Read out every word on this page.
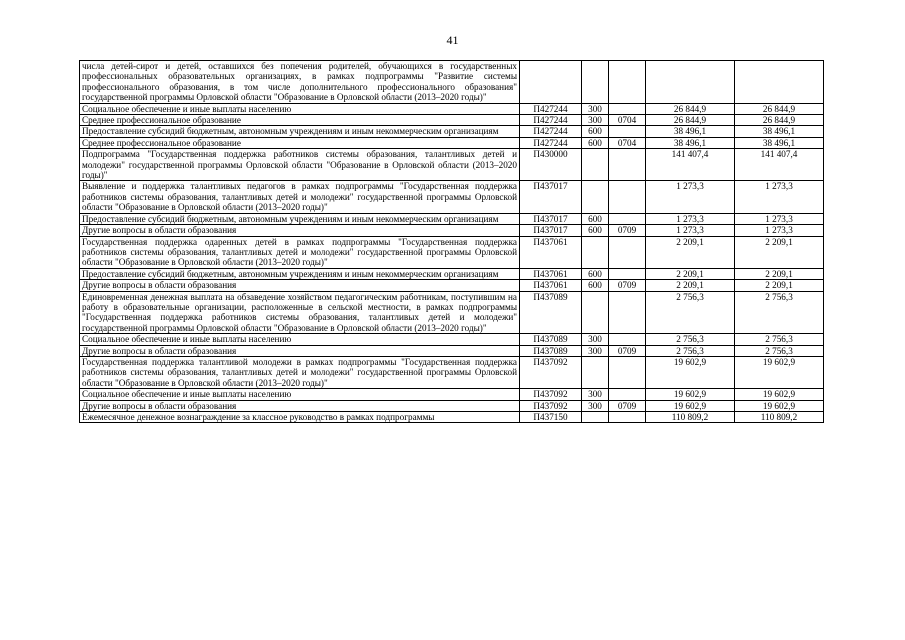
41
числа детей-сирот и детей, оставшихся без попечения родителей, обучающихся в государственных профессиональных образовательных организациях, в рамках подпрограммы "Развитие системы профессионального образования, в том числе дополнительного профессионального образования" государственной программы Орловской области "Образование в Орловской области (2013–2020 годы)"					
Социальное обеспечение и иные выплаты населению	П427244	300		26 844,9	26 844,9
Среднее профессиональное образование	П427244	300	0704	26 844,9	26 844,9
Предоставление субсидий бюджетным, автономным учреждениям и иным некоммерческим организациям	П427244	600		38 496,1	38 496,1
Среднее профессиональное образование	П427244	600	0704	38 496,1	38 496,1
Подпрограмма "Государственная поддержка работников системы образования, талантливых детей и молодежи" государственной программы Орловской области "Образование в Орловской области (2013–2020 годы)"	П430000			141 407,4	141 407,4
Выявление и поддержка талантливых педагогов в рамках подпрограммы "Государственная поддержка работников системы образования, талантливых детей и молодежи" государственной программы Орловской области "Образование в Орловской области (2013–2020 годы)"	П437017			1 273,3	1 273,3
Предоставление субсидий бюджетным, автономным учреждениям и иным некоммерческим организациям	П437017	600		1 273,3	1 273,3
Другие вопросы в области образования	П437017	600	0709	1 273,3	1 273,3
Государственная поддержка одаренных детей в рамках подпрограммы "Государственная поддержка работников системы образования, талантливых детей и молодежи" государственной программы Орловской области "Образование в Орловской области (2013–2020 годы)"	П437061			2 209,1	2 209,1
Предоставление субсидий бюджетным, автономным учреждениям и иным некоммерческим организациям	П437061	600		2 209,1	2 209,1
Другие вопросы в области образования	П437061	600	0709	2 209,1	2 209,1
Единовременная денежная выплата на обзаведение хозяйством педагогическим работникам, поступившим на работу в образовательные организации, расположенные в сельской местности, в рамках подпрограммы "Государственная поддержка работников системы образования, талантливых детей и молодежи" государственной программы Орловской области "Образование в Орловской области (2013–2020 годы)"	П437089			2 756,3	2 756,3
Социальное обеспечение и иные выплаты населению	П437089	300		2 756,3	2 756,3
Другие вопросы в области образования	П437089	300	0709	2 756,3	2 756,3
Государственная поддержка талантливой молодежи в рамках подпрограммы "Государственная поддержка работников системы образования, талантливых детей и молодежи" государственной программы Орловской области "Образование в Орловской области (2013–2020 годы)"	П437092			19 602,9	19 602,9
Социальное обеспечение и иные выплаты населению	П437092	300		19 602,9	19 602,9
Другие вопросы в области образования	П437092	300	0709	19 602,9	19 602,9
Ежемесячное денежное вознаграждение за классное руководство в рамках подпрограммы	П437150			110 809,2	110 809,2
